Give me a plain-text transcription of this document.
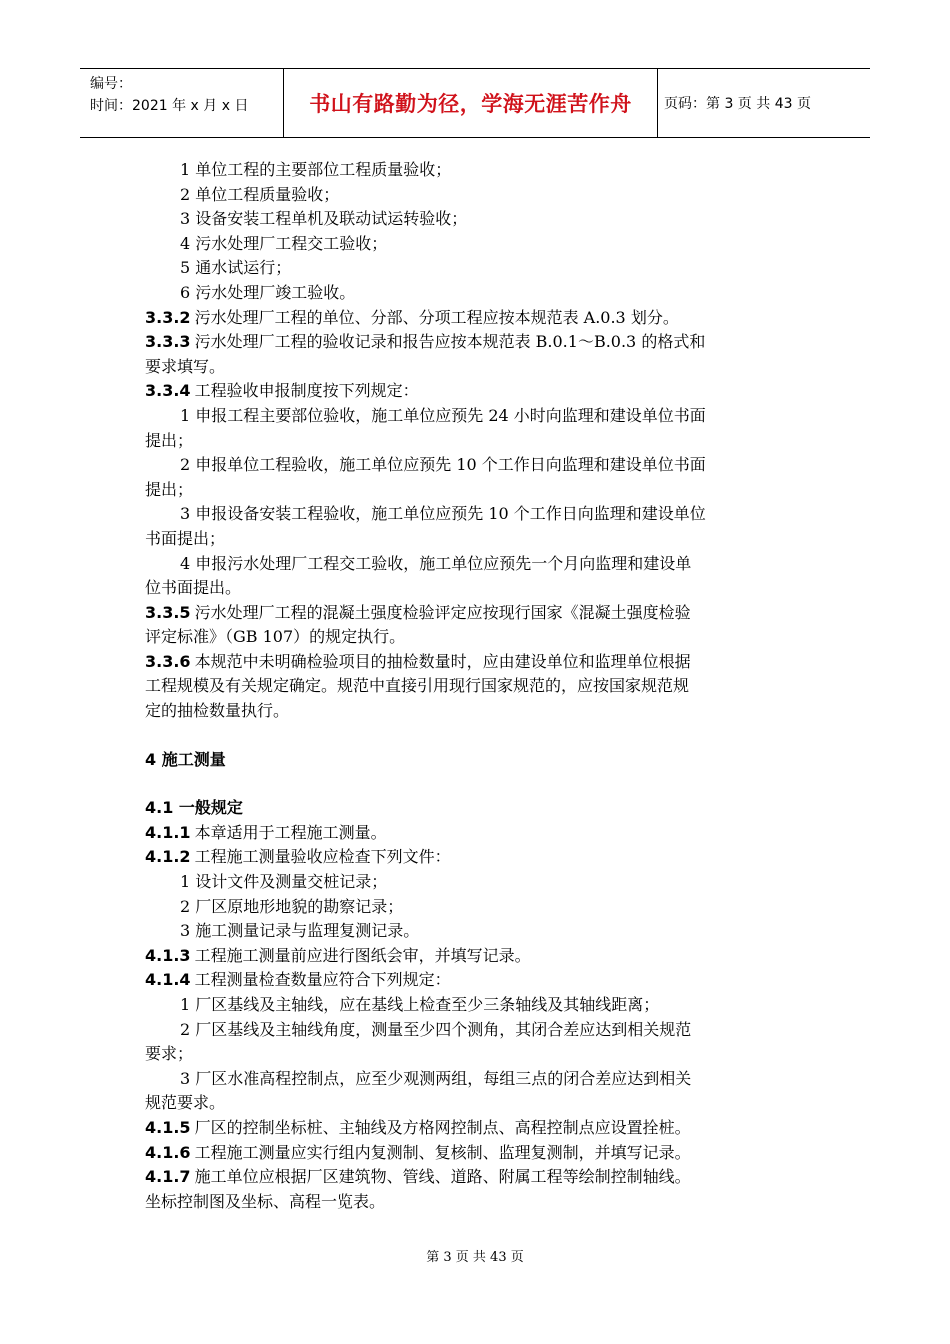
编号：
时间：2021 年 x 月 x 日	书山有路勤为径，学海无涯苦作舟	页码：第 3 页 共 43 页
1 单位工程的主要部位工程质量验收；
2 单位工程质量验收；
3 设备安装工程单机及联动试运转验收；
4 污水处理厂工程交工验收；
5 通水试运行；
6 污水处理厂竣工验收。
3.3.2 污水处理厂工程的单位、分部、分项工程应按本规范表 A.0.3 划分。
3.3.3 污水处理厂工程的验收记录和报告应按本规范表 B.0.1～B.0.3 的格式和
要求填写。
3.3.4 工程验收申报制度按下列规定：
1 申报工程主要部位验收，施工单位应预先 24 小时向监理和建设单位书面
提出；
2 申报单位工程验收，施工单位应预先 10 个工作日向监理和建设单位书面
提出；
3 申报设备安装工程验收，施工单位应预先 10 个工作日向监理和建设单位
书面提出；
4 申报污水处理厂工程交工验收，施工单位应预先一个月向监理和建设单
位书面提出。
3.3.5 污水处理厂工程的混凝土强度检验评定应按现行国家《混凝土强度检验
评定标准》（GB 107）的规定执行。
3.3.6 本规范中未明确检验项目的抽检数量时，应由建设单位和监理单位根据
工程规模及有关规定确定。规范中直接引用现行国家规范的，应按国家规范规
定的抽检数量执行。
4 施工测量
4.1 一般规定
4.1.1 本章适用于工程施工测量。
4.1.2 工程施工测量验收应检查下列文件：
1 设计文件及测量交桩记录；
2 厂区原地形地貌的勘察记录；
3 施工测量记录与监理复测记录。
4.1.3 工程施工测量前应进行图纸会审，并填写记录。
4.1.4 工程测量检查数量应符合下列规定：
1 厂区基线及主轴线，应在基线上检查至少三条轴线及其轴线距离；
2 厂区基线及主轴线角度，测量至少四个测角，其闭合差应达到相关规范
要求；
3 厂区水准高程控制点，应至少观测两组，每组三点的闭合差应达到相关
规范要求。
4.1.5 厂区的控制坐标桩、主轴线及方格网控制点、高程控制点应设置拴桩。
4.1.6 工程施工测量应实行组内复测制、复核制、监理复测制，并填写记录。
4.1.7 施工单位应根据厂区建筑物、管线、道路、附属工程等绘制控制轴线。
坐标控制图及坐标、高程一览表。
第 3 页 共 43 页
